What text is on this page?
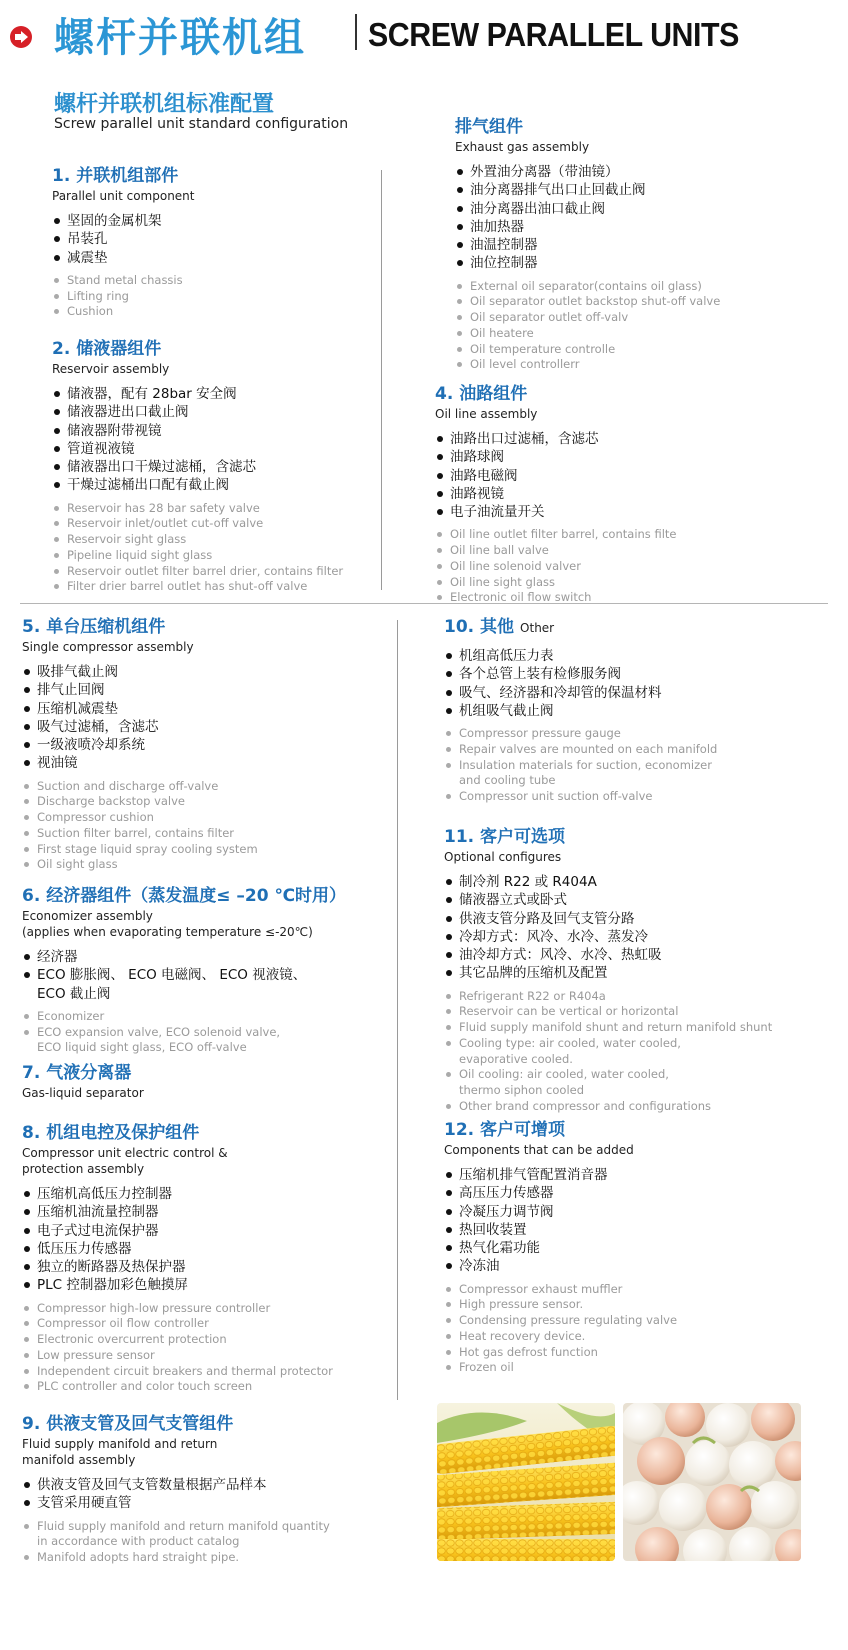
螺杆并联机组 SCREW PARALLEL UNITS
螺杆并联机组标准配置
Screw parallel unit standard configuration
1. 并联机组部件
Parallel unit component
坚固的金属机架
吊装孔
减震垫
Stand metal chassis
Lifting ring
Cushion
2. 储液器组件
Reservoir assembly
储液器，配有 28bar 安全阀
储液器进出口截止阀
储液器附带视镜
管道视液镜
储液器出口干燥过滤桶，含滤芯
干燥过滤桶出口配有截止阀
Reservoir has 28 bar safety valve
Reservoir inlet/outlet cut-off valve
Reservoir sight glass
Pipeline liquid sight glass
Reservoir outlet filter barrel drier, contains filter
Filter drier barrel outlet has shut-off valve
排气组件
Exhaust gas assembly
外置油分离器（带油镜）
油分离器排气出口止回截止阀
油分离器出油口截止阀
油加热器
油温控制器
油位控制器
External oil separator(contains oil glass)
Oil separator outlet backstop shut-off valve
Oil separator outlet off-valv
Oil heatere
Oil temperature controlle
Oil level controllerr
4. 油路组件
Oil line assembly
油路出口过滤桶，含滤芯
油路球阀
油路电磁阀
油路视镜
电子油流量开关
Oil line outlet filter barrel, contains filte
Oil line ball valve
Oil line solenoid valver
Oil line sight glass
Electronic oil flow switch
5. 单台压缩机组件
Single compressor assembly
吸排气截止阀
排气止回阀
压缩机减震垫
吸气过滤桶，含滤芯
一级液喷冷却系统
视油镜
Suction and discharge off-valve
Discharge backstop valve
Compressor cushion
Suction filter barrel, contains filter
First stage liquid spray cooling system
Oil sight glass
6. 经济器组件（蒸发温度≤ –20 ℃时用）
Economizer assembly
(applies when evaporating temperature ≤-20℃)
经济器
ECO 膨胀阀、 ECO 电磁阀、 ECO 视液镜、
ECO 截止阀
Economizer
ECO expansion valve, ECO solenoid valve,
ECO liquid sight glass, ECO off-valve
7. 气液分离器
Gas-liquid separator
8. 机组电控及保护组件
Compressor unit electric control &
protection assembly
压缩机高低压力控制器
压缩机油流量控制器
电子式过电流保护器
低压压力传感器
独立的断路器及热保护器
PLC 控制器加彩色触摸屏
Compressor high-low pressure controller
Compressor oil flow controller
Electronic overcurrent protection
Low pressure sensor
Independent circuit breakers and thermal protector
PLC controller and color touch screen
9. 供液支管及回气支管组件
Fluid supply manifold and return
manifold assembly
供液支管及回气支管数量根据产品样本
支管采用硬直管
Fluid supply manifold and return manifold quantity
in accordance with product catalog
Manifold adopts hard straight pipe.
10. 其他 Other
机组高低压力表
各个总管上装有检修服务阀
吸气、经济器和冷却管的保温材料
机组吸气截止阀
Compressor pressure gauge
Repair valves are mounted on each manifold
Insulation materials for suction, economizer
and cooling tube
Compressor unit suction off-valve
11. 客户可选项
Optional configures
制冷剂 R22 或 R404A
储液器立式或卧式
供液支管分路及回气支管分路
冷却方式：风冷、水冷、蒸发冷
油冷却方式：风冷、水冷、热虹吸
其它品牌的压缩机及配置
Refrigerant R22 or R404a
Reservoir can be vertical or horizontal
Fluid supply manifold shunt and return manifold shunt
Cooling type: air cooled, water cooled,
evaporative cooled.
Oil cooling: air cooled, water cooled,
thermo siphon cooled
Other brand compressor and configurations
12. 客户可增项
Components that can be added
压缩机排气管配置消音器
高压压力传感器
冷凝压力调节阀
热回收装置
热气化霜功能
冷冻油
Compressor exhaust muffler
High pressure sensor.
Condensing pressure regulating valve
Heat recovery device.
Hot gas defrost function
Frozen oil
